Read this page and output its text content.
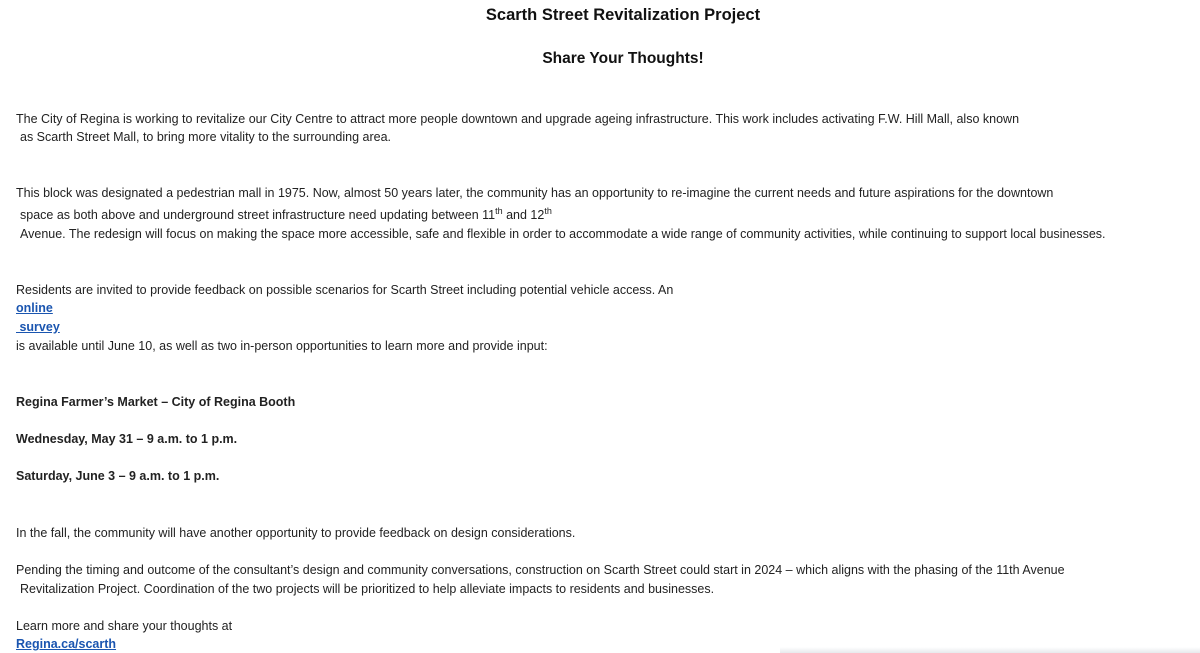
Scarth Street Revitalization Project
Share Your Thoughts!
The City of Regina is working to revitalize our City Centre to attract more people downtown and upgrade ageing infrastructure. This work includes activating F.W. Hill Mall, also known
as Scarth Street Mall, to bring more vitality to the surrounding area.
This block was designated a pedestrian mall in 1975. Now, almost 50 years later, the community has an opportunity to re-imagine the current needs and future aspirations for the downtown
space as both above and underground street infrastructure need updating between 11th and 12th
Avenue. The redesign will focus on making the space more accessible, safe and flexible in order to accommodate a wide range of community activities, while continuing to support local businesses.
Residents are invited to provide feedback on possible scenarios for Scarth Street including potential vehicle access. An
online
survey
is available until June 10, as well as two in-person opportunities to learn more and provide input:
Regina Farmer’s Market – City of Regina Booth
Wednesday, May 31 – 9 a.m. to 1 p.m.
Saturday, June 3 – 9 a.m. to 1 p.m.
In the fall, the community will have another opportunity to provide feedback on design considerations.
Pending the timing and outcome of the consultant’s design and community conversations, construction on Scarth Street could start in 2024 – which aligns with the phasing of the 11th Avenue
Revitalization Project. Coordination of the two projects will be prioritized to help alleviate impacts to residents and businesses.
Learn more and share your thoughts at
Regina.ca/scarth
